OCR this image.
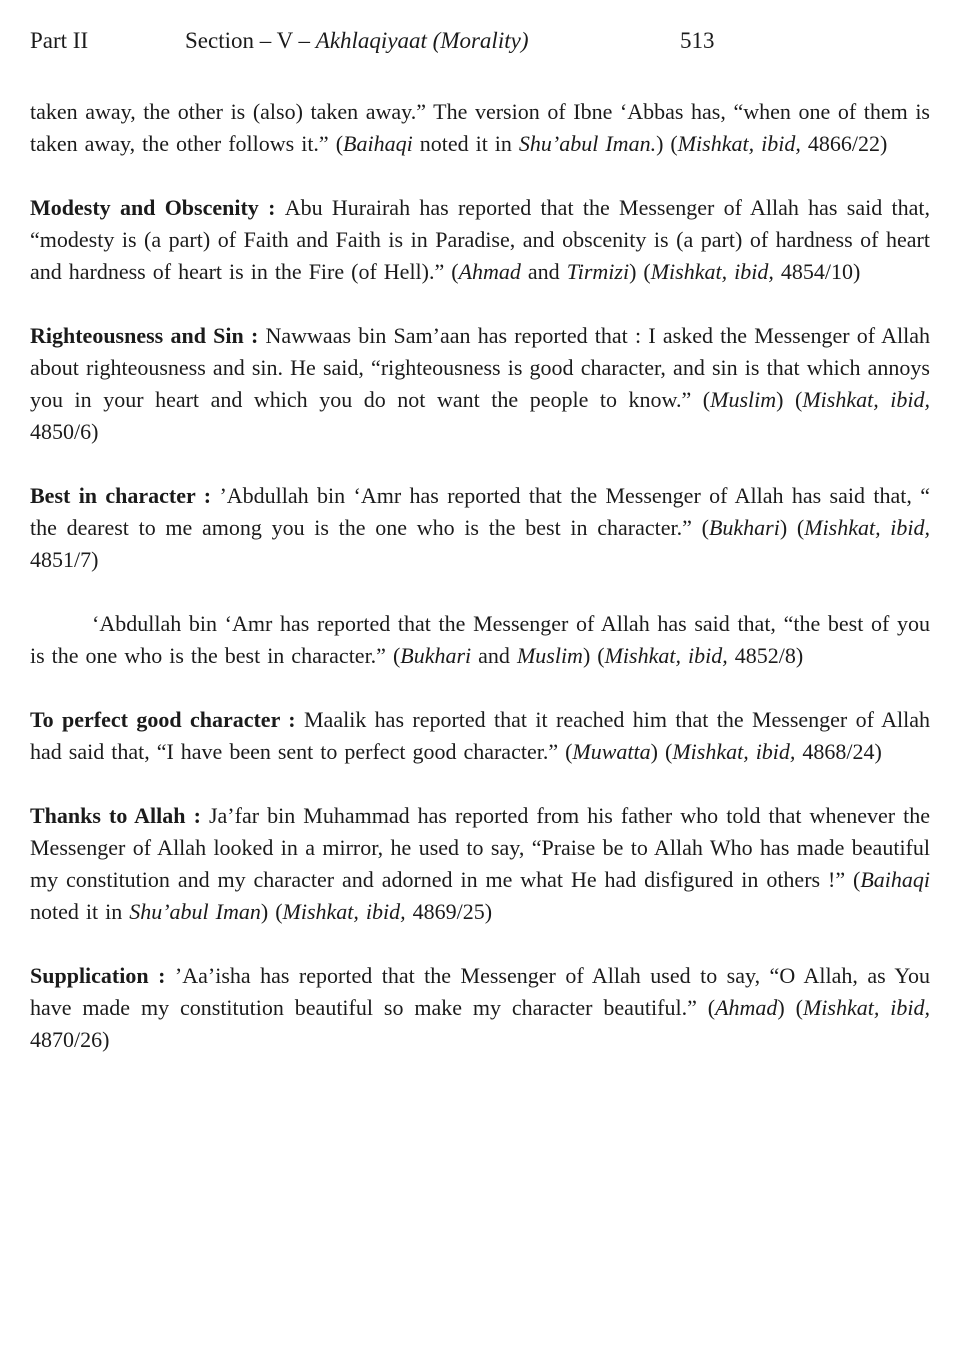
Part II	Section – V – Akhlaqiyaat (Morality)	513

taken away, the other is (also) taken away.” The version of Ibne ‘Abbas has, “when one of them is taken away, the other follows it.” (Baihaqi noted it in Shu’abul Iman.) (Mishkat, ibid, 4866/22)

Modesty and Obscenity : Abu Hurairah has reported that the Messenger of Allah has said that, “modesty is (a part) of Faith and Faith is in Paradise, and obscenity is (a part) of hardness of heart and hardness of heart is in the Fire (of Hell).” (Ahmad and Tirmizi) (Mishkat, ibid, 4854/10)

Righteousness and Sin : Nawwaas bin Sam’aan has reported that : I asked the Messenger of Allah about righteousness and sin. He said, “righteousness is good character, and sin is that which annoys you in your heart and which you do not want the people to know.” (Muslim) (Mishkat, ibid, 4850/6)

Best in character : ’Abdullah bin ‘Amr has reported that the Messenger of Allah has said that, “ the dearest to me among you is the one who is the best in character.” (Bukhari) (Mishkat, ibid, 4851/7)

‘Abdullah bin ‘Amr has reported that the Messenger of Allah has said that, “the best of you is the one who is the best in character.” (Bukhari and Muslim) (Mishkat, ibid, 4852/8)

To perfect good character : Maalik has reported that it reached him that the Messenger of Allah had said that, “I have been sent to perfect good character.” (Muwatta) (Mishkat, ibid, 4868/24)

Thanks to Allah : Ja’far bin Muhammad has reported from his father who told that whenever the Messenger of Allah looked in a mirror, he used to say, “Praise be to Allah Who has made beautiful my constitution and my character and adorned in me what He had disfigured in others !” (Baihaqi noted it in Shu’abul Iman) (Mishkat, ibid, 4869/25)

Supplication : ’Aa’isha has reported that the Messenger of Allah used to say, “O Allah, as You have made my constitution beautiful so make my character beautiful.” (Ahmad) (Mishkat, ibid, 4870/26)
